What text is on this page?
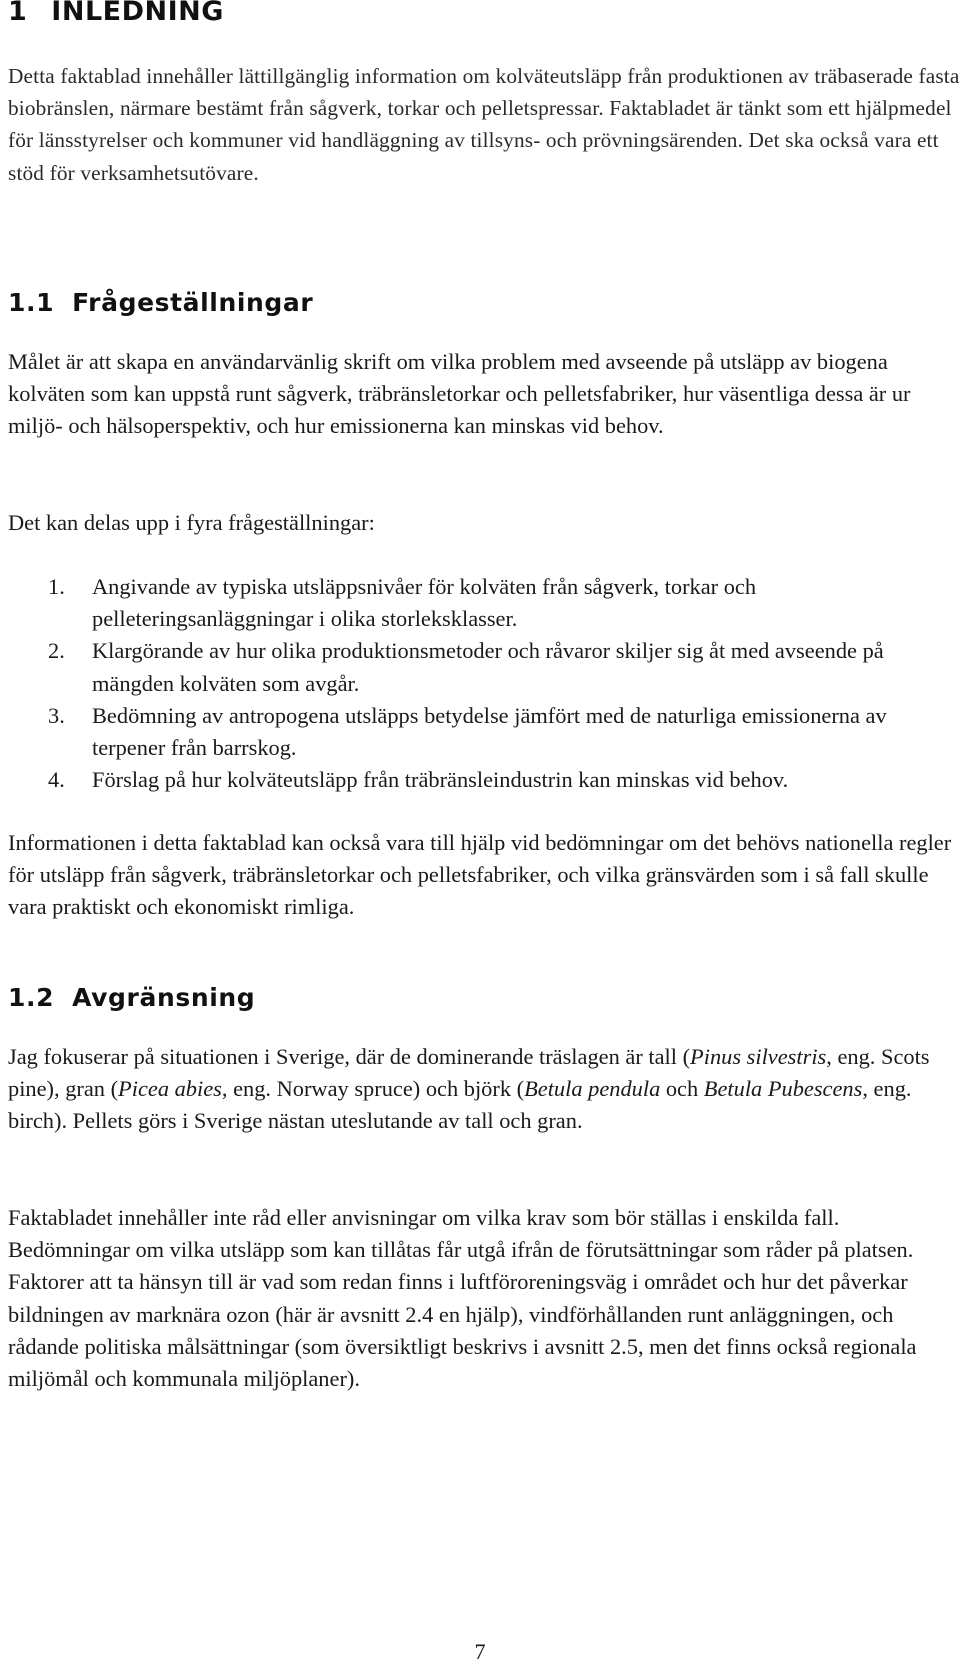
1 INLEDNING

Detta faktablad innehåller lättillgänglig information om kolväteutsläpp från produktionen av träbaserade fasta biobränslen, närmare bestämt från sågverk, torkar och pelletspressar. Faktabladet är tänkt som ett hjälpmedel för länsstyrelser och kommuner vid handläggning av tillsyns- och prövningsärenden. Det ska också vara ett stöd för verksamhetsutövare.

1.1 Frågeställningar

Målet är att skapa en användarvänlig skrift om vilka problem med avseende på utsläpp av biogena kolväten som kan uppstå runt sågverk, träbränsletorkar och pelletsfabriker, hur väsentliga dessa är ur miljö- och hälsoperspektiv, och hur emissionerna kan minskas vid behov.

Det kan delas upp i fyra frågeställningar:

1. Angivande av typiska utsläppsnivåer för kolväten från sågverk, torkar och pelleteringsanläggningar i olika storleksklasser.
2. Klargörande av hur olika produktionsmetoder och råvaror skiljer sig åt med avseende på mängden kolväten som avgår.
3. Bedömning av antropogena utsläpps betydelse jämfört med de naturliga emissionerna av terpener från barrskog.
4. Förslag på hur kolväteutsläpp från träbränsleindustrin kan minskas vid behov.

Informationen i detta faktablad kan också vara till hjälp vid bedömningar om det behövs nationella regler för utsläpp från sågverk, träbränsletorkar och pelletsfabriker, och vilka gränsvärden som i så fall skulle vara praktiskt och ekonomiskt rimliga.

1.2 Avgränsning

Jag fokuserar på situationen i Sverige, där de dominerande träslagen är tall (Pinus silvestris, eng. Scots pine), gran (Picea abies, eng. Norway spruce) och björk (Betula pendula och Betula Pubescens, eng. birch). Pellets görs i Sverige nästan uteslutande av tall och gran.

Faktabladet innehåller inte råd eller anvisningar om vilka krav som bör ställas i enskilda fall. Bedömningar om vilka utsläpp som kan tillåtas får utgå ifrån de förutsättningar som råder på platsen. Faktorer att ta hänsyn till är vad som redan finns i luftföroreningsväg i området och hur det påverkar bildningen av marknära ozon (här är avsnitt 2.4 en hjälp), vindförhållanden runt anläggningen, och rådande politiska målsättningar (som översiktligt beskrivs i avsnitt 2.5, men det finns också regionala miljömål och kommunala miljöplaner).

7
